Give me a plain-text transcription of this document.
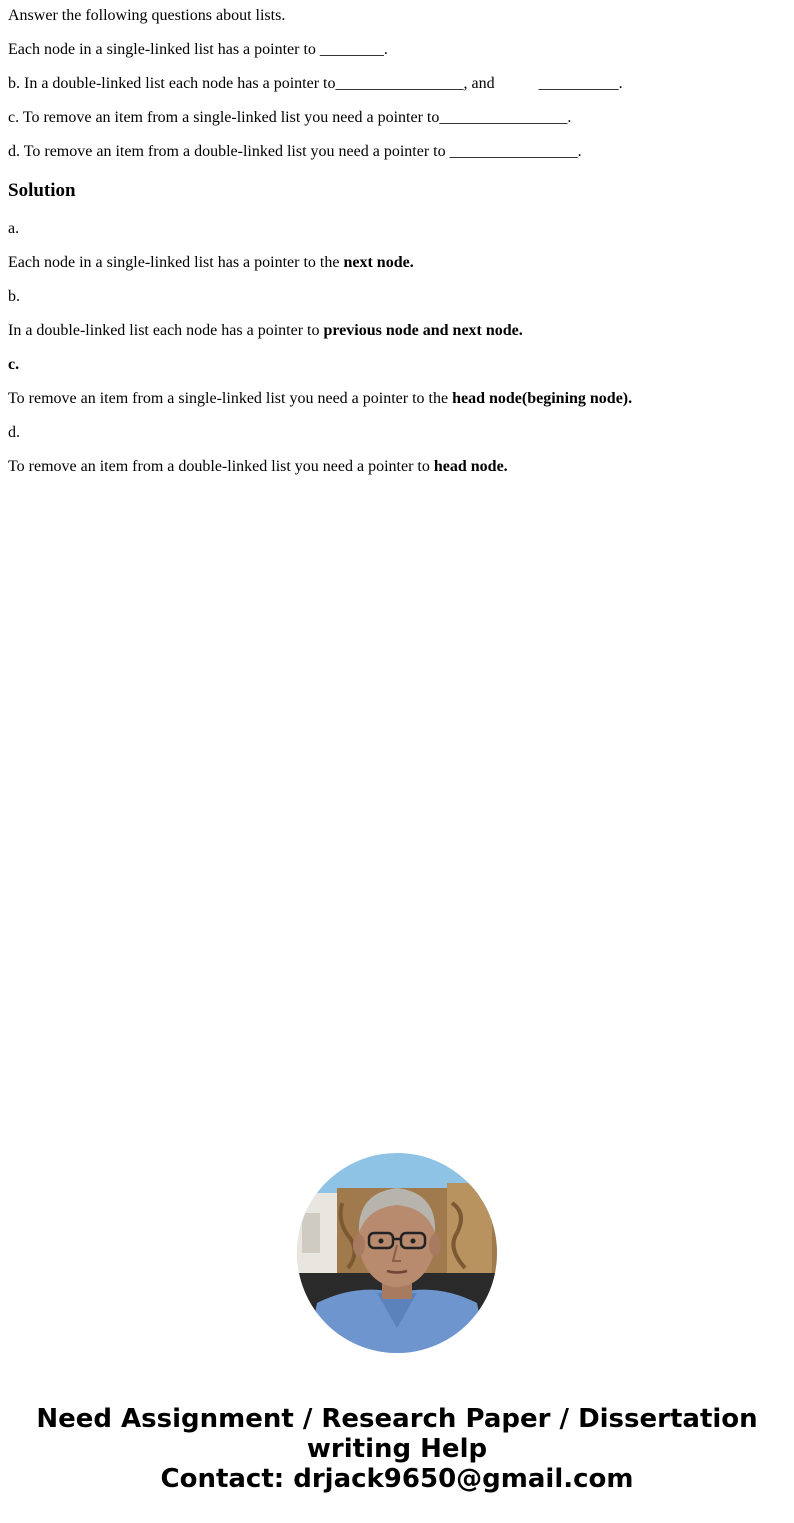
Answer the following questions about lists.

Each node in a single-linked list has a pointer to ________.

b. In a double-linked list each node has a pointer to________________, and           __________.

c. To remove an item from a single-linked list you need a pointer to________________.

d. To remove an item from a double-linked list you need a pointer to ________________.

Solution

a.

Each node in a single-linked list has a pointer to the next node.

b.

In a double-linked list each node has a pointer to previous node and next node.

c.

To remove an item from a single-linked list you need a pointer to the head node(begining node).

d.

To remove an item from a double-linked list you need a pointer to head node.

Need Assignment / Research Paper / Dissertation
writing Help
Contact: drjack9650@gmail.com
